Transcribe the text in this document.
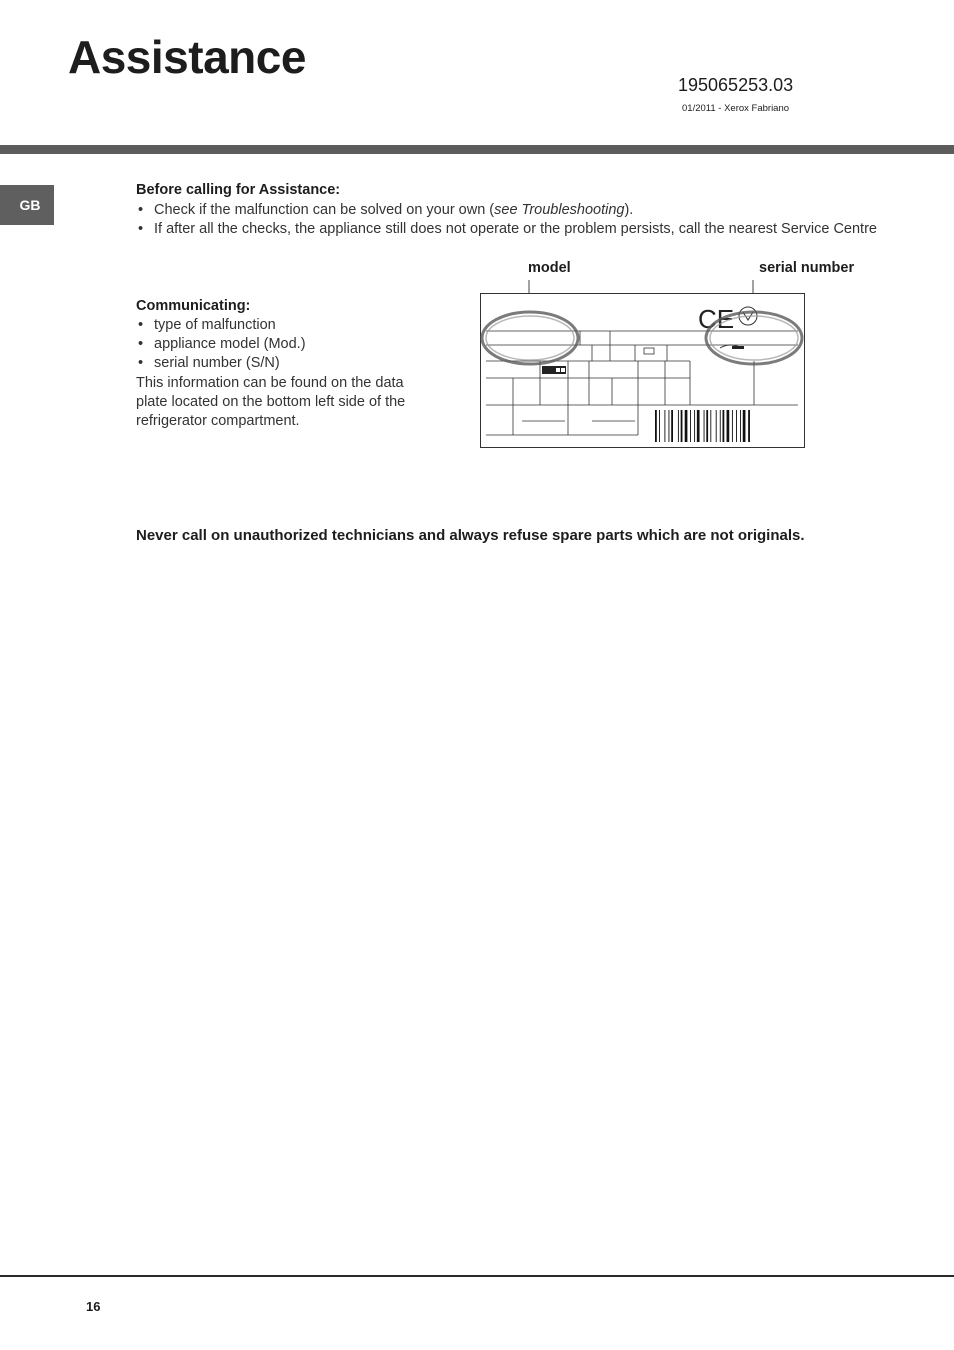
Assistance
195065253.03
01/2011 - Xerox Fabriano
GB
Before calling for Assistance:
• Check if the malfunction can be solved on your own (see Troubleshooting).
• If after all the checks, the appliance still does not operate or the problem persists, call the nearest Service Centre
Communicating:
• type of malfunction
• appliance model (Mod.)
• serial number (S/N)
This information can be found on the data plate located on the bottom left side of the refrigerator compartment.
model	serial number
CE
Never call on unauthorized technicians and always refuse spare parts which are not originals.
16
